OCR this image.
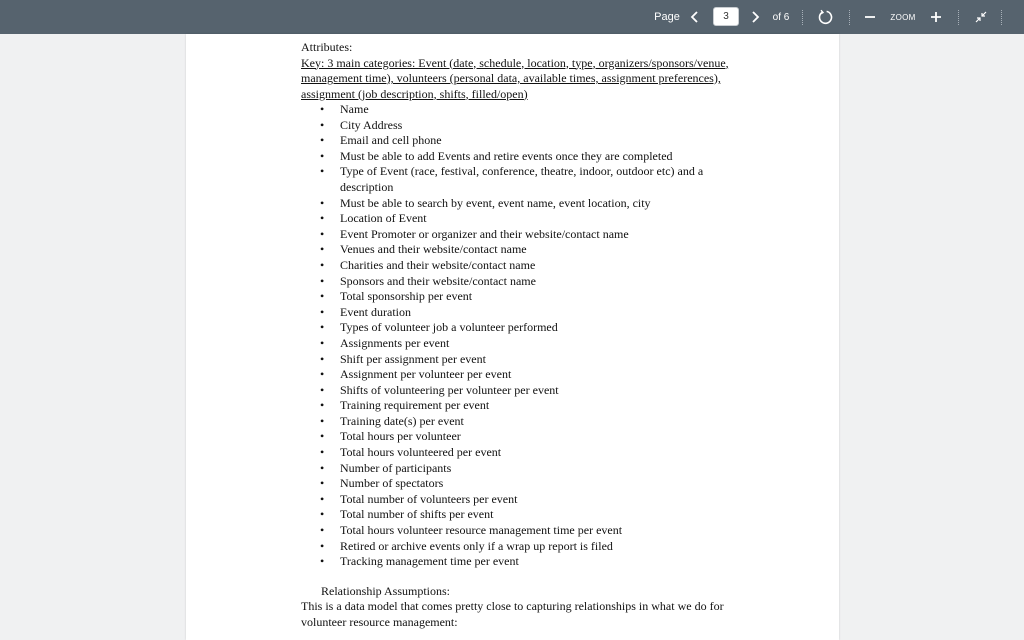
Page
3	of 6	ZOOM

Attributes:

Key: 3 main categories: Event (date, schedule, location, type, organizers/sponsors/venue, management time), volunteers (personal data, available times, assignment preferences), assignment (job description, shifts, filled/open)

• Name
• City Address
• Email and cell phone
• Must be able to add Events and retire events once they are completed
• Type of Event (race, festival, conference, theatre, indoor, outdoor etc) and a description
• Must be able to search by event, event name, event location, city
• Location of Event
• Event Promoter or organizer and their website/contact name
• Venues and their website/contact name
• Charities and their website/contact name
• Sponsors and their website/contact name
• Total sponsorship per event
• Event duration
• Types of volunteer job a volunteer performed
• Assignments per event
• Shift per assignment per event
• Assignment per volunteer per event
• Shifts of volunteering per volunteer per event
• Training requirement per event
• Training date(s) per event
• Total hours per volunteer
• Total hours volunteered per event
• Number of participants
• Number of spectators
• Total number of volunteers per event
• Total number of shifts per event
• Total hours volunteer resource management time per event
• Retired or archive events only if a wrap up report is filed
• Tracking management time per event

Relationship Assumptions:

This is a data model that comes pretty close to capturing relationships in what we do for volunteer resource management:
